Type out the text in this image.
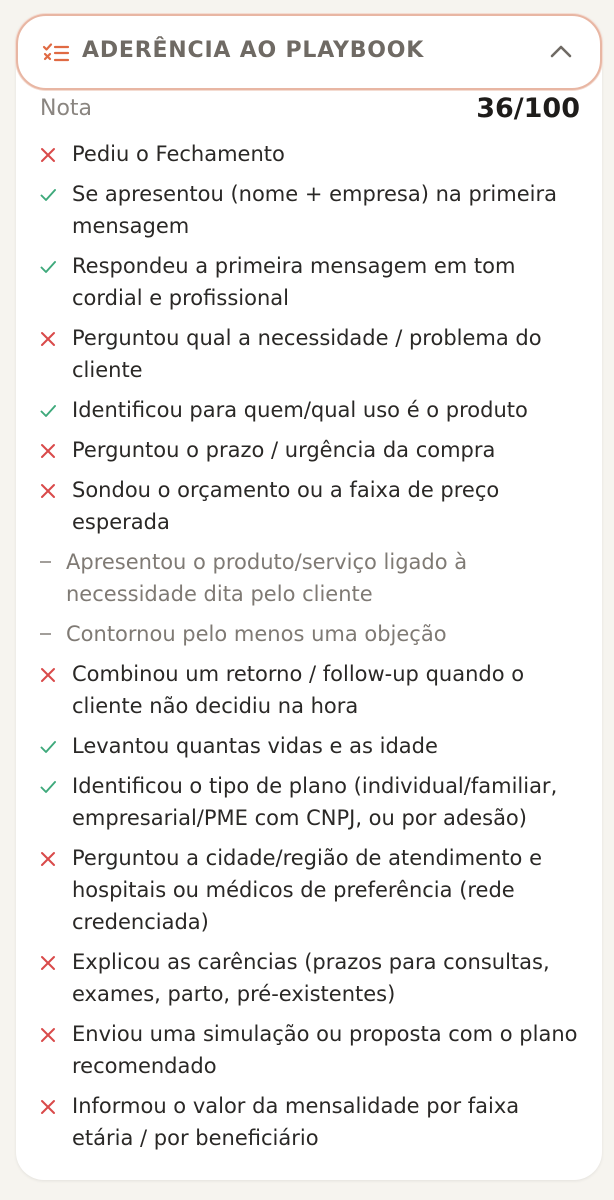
ADERÊNCIA AO PLAYBOOK
Nota	36/100
Pediu o Fechamento
Se apresentou (nome + empresa) na primeira mensagem
Respondeu a primeira mensagem em tom cordial e profissional
Perguntou qual a necessidade / problema do cliente
Identificou para quem/qual uso é o produto
Perguntou o prazo / urgência da compra
Sondou o orçamento ou a faixa de preço esperada
Apresentou o produto/serviço ligado à necessidade dita pelo cliente
Contornou pelo menos uma objeção
Combinou um retorno / follow-up quando o cliente não decidiu na hora
Levantou quantas vidas e as idade
Identificou o tipo de plano (individual/familiar, empresarial/PME com CNPJ, ou por adesão)
Perguntou a cidade/região de atendimento e hospitais ou médicos de preferência (rede credenciada)
Explicou as carências (prazos para consultas, exames, parto, pré-existentes)
Enviou uma simulação ou proposta com o plano recomendado
Informou o valor da mensalidade por faixa etária / por beneficiário
